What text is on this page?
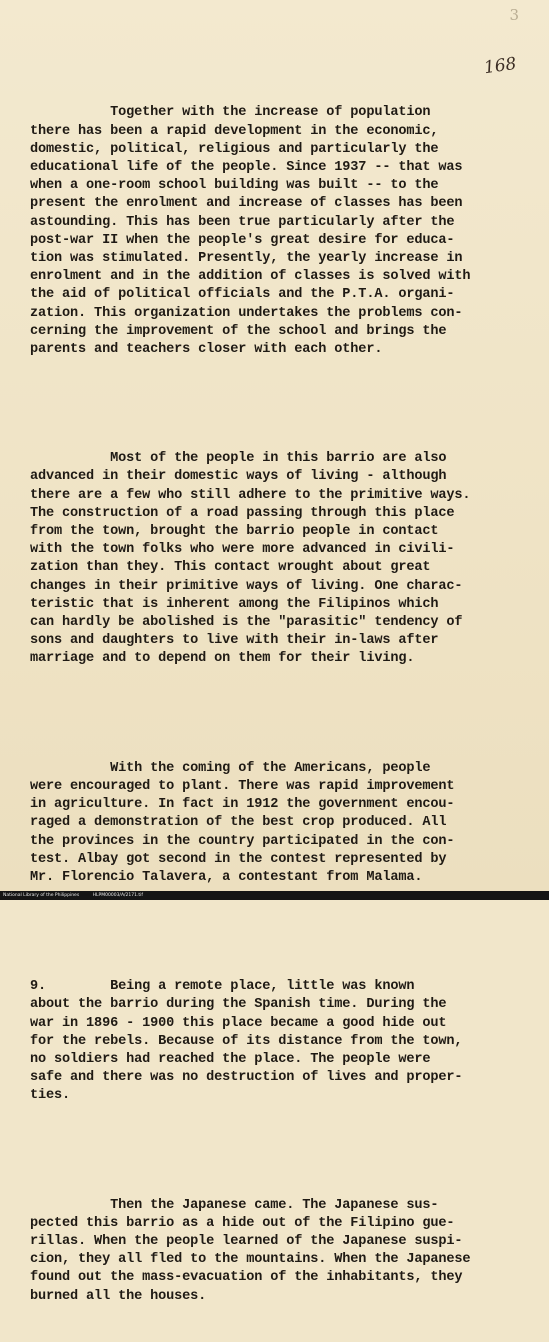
3
168

Together with the increase of population
there has been a rapid development in the economic,
domestic, political, religious and particularly the
educational life of the people. Since 1937 -- that was
when a one-room school building was built -- to the
present the enrolment and increase of classes has been
astounding. This has been true particularly after the
post-war II when the people's great desire for educa-
tion was stimulated. Presently, the yearly increase in
enrolment and in the addition of classes is solved with
the aid of political officials and the P.T.A. organi-
zation. This organization undertakes the problems con-
cerning the improvement of the school and brings the
parents and teachers closer with each other.

Most of the people in this barrio are also
advanced in their domestic ways of living - although
there are a few who still adhere to the primitive ways.
The construction of a road passing through this place
from the town, brought the barrio people in contact
with the town folks who were more advanced in civili-
zation than they. This contact wrought about great
changes in their primitive ways of living. One charac-
teristic that is inherent among the Filipinos which
can hardly be abolished is the "parasitic" tendency of
sons and daughters to live with their in-laws after
marriage and to depend on them for their living.

With the coming of the Americans, people
were encouraged to plant. There was rapid improvement
in agriculture. In fact in 1912 the government encou-
raged a demonstration of the best crop produced. All
the provinces in the country participated in the con-
test. Albay got second in the contest represented by
Mr. Florencio Talavera, a contestant from Malama.

9.        Being a remote place, little was known
about the barrio during the Spanish time. During the
war in 1896 - 1900 this place became a good hide out
for the rebels. Because of its distance from the town,
no soldiers had reached the place. The people were
safe and there was no destruction of lives and proper-
ties.

Then the Japanese came. The Japanese sus-
pected this barrio as a hide out of the Filipino gue-
rillas. When the people learned of the Japanese suspi-
cion, they all fled to the mountains. When the Japanese
found out the mass-evacuation of the inhabitants, they
burned all the houses.

National Library of the Philippines	HLPM00003/A/2171.tif
